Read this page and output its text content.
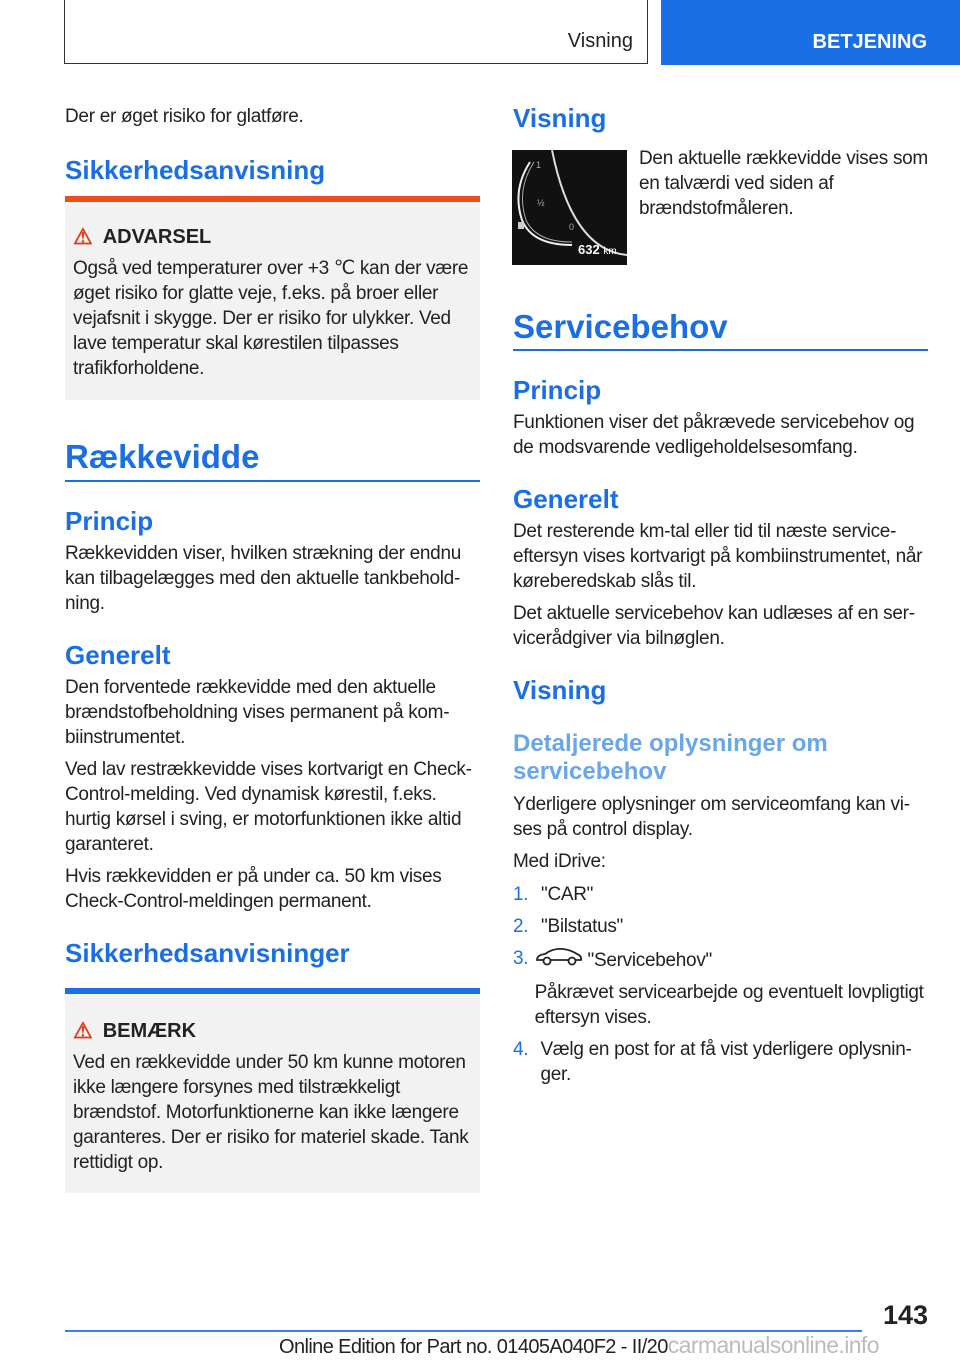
Visning	BETJENING

Der er øget risiko for glatføre.

Sikkerhedsanvisning
⚠ ADVARSEL

Også ved temperaturer over +3 ℃ kan der være øget risiko for glatte veje, f.eks. på broer eller vejafsnit i skygge. Der er risiko for ulykker. Ved lave temperatur skal kørestilen tilpasses trafikforholdene.

Rækkevidde
Princip

Rækkevidden viser, hvilken strækning der endnu kan tilbagelægges med den aktuelle tankbeholdning.

Generelt

Den forventede rækkevidde med den aktuelle brændstofbeholdning vises permanent på kombiinstrumentet.

Ved lav restrækkevidde vises kortvarigt en Check-Control-melding. Ved dynamisk kørestil, f.eks. hurtig kørsel i sving, er motorfunktionen ikke altid garanteret.

Hvis rækkevidden er på under ca. 50 km vises Check-Control-meldingen permanent.

Sikkerhedsanvisninger
⚠ BEMÆRK

Ved en rækkevidde under 50 km kunne motoren ikke længere forsynes med tilstrækkeligt brændstof. Motorfunktionerne kan ikke længere garanteres. Der er risiko for materiel skade. Tank rettidigt op.

Visning
1
½
0
632 km

Den aktuelle rækkevidde vises som en talværdi ved siden af brændstofmåleren.

Servicebehov
Princip

Funktionen viser det påkrævede servicebehov og de modsvarende vedligeholdelsesomfang.

Generelt

Det resterende km-tal eller tid til næste serviceeftersyn vises kortvarigt på kombiinstrumentet, når køreberedskab slås til.

Det aktuelle servicebehov kan udlæses af en servicerådgiver via bilnøglen.

Visning
Detaljerede oplysninger om servicebehov

Yderligere oplysninger om serviceomfang kan vises på control display.

Med iDrive:

1. "CAR"

2. "Bilstatus"

3.	"Servicebehov"

Påkrævet servicearbejde og eventuelt lovpligtigt eftersyn vises.

4. Vælg en post for at få vist yderligere oplysninger.

143
Online Edition for Part no. 01405A040F2 - II/20carmanualsonline.info
